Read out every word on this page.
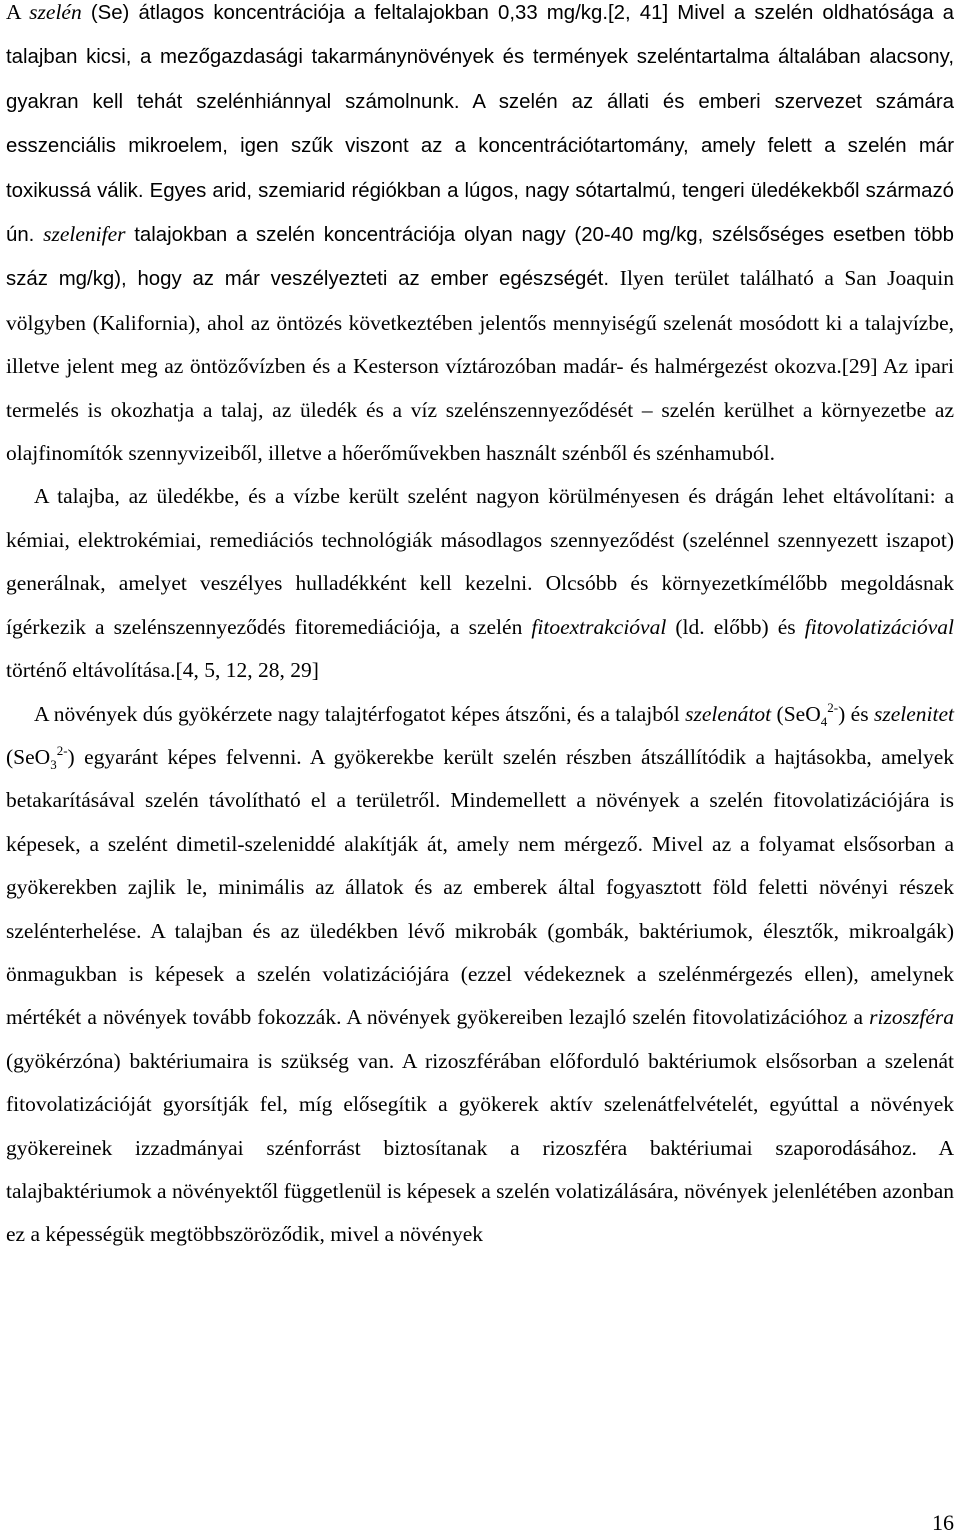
A szelén (Se) átlagos koncentrációja a feltalajokban 0,33 mg/kg.[2, 41] Mivel a szelén oldhatósága a talajban kicsi, a mezőgazdasági takarmánynövények és termények szeléntartalma általában alacsony, gyakran kell tehát szelénhiánnyal számolnunk. A szelén az állati és emberi szervezet számára esszenciális mikroelem, igen szűk viszont az a koncentrációtartomány, amely felett a szelén már toxikussá válik. Egyes arid, szemiarid régiókban a lúgos, nagy sótartalmú, tengeri üledékekből származó ún. szelenifer talajokban a szelén koncentrációja olyan nagy (20-40 mg/kg, szélsőséges esetben több száz mg/kg), hogy az már veszélyezteti az ember egészségét. Ilyen terület található a San Joaquin völgyben (Kalifornia), ahol az öntözés következtében jelentős mennyiségű szelenát mosódott ki a talajvízbe, illetve jelent meg az öntözővízben és a Kesterson víztározóban madár- és halmérgezést okozva.[29] Az ipari termelés is okozhatja a talaj, az üledék és a víz szelénszennyeződését – szelén kerülhet a környezetbe az olajfinomítók szennyvizeiből, illetve a hőerőművekben használt szénből és szénhamuból.

A talajba, az üledékbe, és a vízbe került szelént nagyon körülményesen és drágán lehet eltávolítani: a kémiai, elektrokémiai, remediációs technológiák másodlagos szennyeződést (szelénnel szennyezett iszapot) generálnak, amelyet veszélyes hulladékként kell kezelni. Olcsóbb és környezetkímélőbb megoldásnak ígérkezik a szelénszennyeződés fitoremediációja, a szelén fitoextrakcióval (ld. előbb) és fitovolatizációval történő eltávolítása.[4, 5, 12, 28, 29]

A növények dús gyökérzete nagy talajtérfogatot képes átszőni, és a talajból szelenátot (SeO$_4^{2-}$) és szelenitet (SeO$_3^{2-}$) egyaránt képes felvenni. A gyökerekbe került szelén részben átszállítódik a hajtásokba, amelyek betakarításával szelén távolítható el a területről. Mindemellett a növények a szelén fitovolatizációjára is képesek, a szelént dimetil-szeleniddé alakítják át, amely nem mérgező. Mivel az a folyamat elsősorban a gyökerekben zajlik le, minimális az állatok és az emberek által fogyasztott föld feletti növényi részek szelénterhelése. A talajban és az üledékben lévő mikrobák (gombák, baktériumok, élesztők, mikroalgák) önmagukban is képesek a szelén volatizációjára (ezzel védekeznek a szelénmérgezés ellen), amelynek mértékét a növények tovább fokozzák. A növények gyökereiben lezajló szelén fitovolatizációhoz a rizoszféra (gyökérzóna) baktériumaira is szükség van. A rizoszférában előforduló baktériumok elsősorban a szelenát fitovolatizációját gyorsítják fel, míg elősegítik a gyökerek aktív szelenátfelvételét, egyúttal a növények gyökereinek izzadmányai szénforrást biztosítanak a rizoszféra baktériumai szaporodásához. A talajbaktériumok a növényektől függetlenül is képesek a szelén volatizálására, növények jelenlétében azonban ez a képességük megtöbbszöröződik, mivel a növények

16
